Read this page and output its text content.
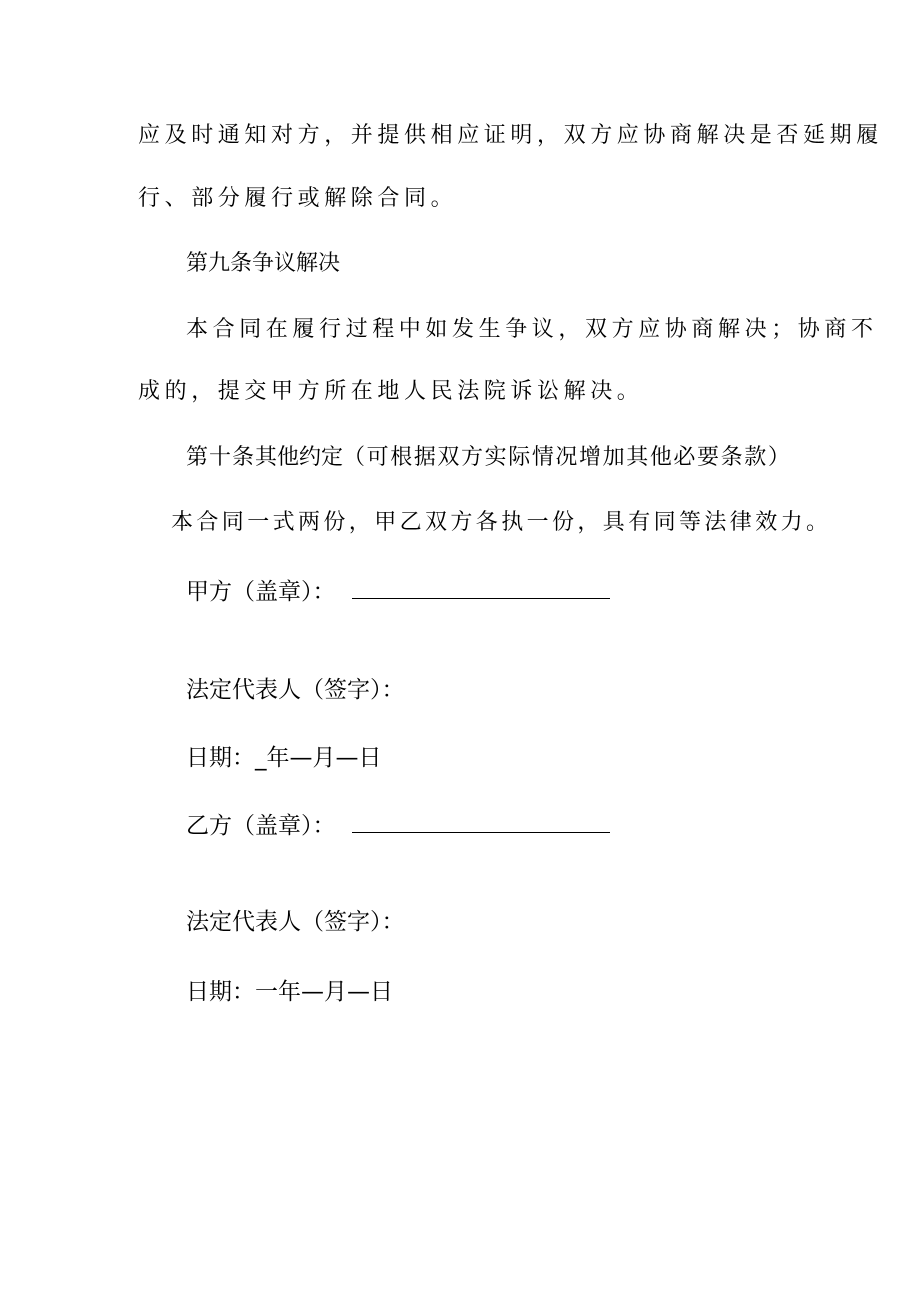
应及时通知对方，并提供相应证明，双方应协商解决是否延期履
行、部分履行或解除合同。
第九条争议解决
本合同在履行过程中如发生争议，双方应协商解决；协商不
成的，提交甲方所在地人民法院诉讼解决。
第十条其他约定（可根据双方实际情况增加其他必要条款）
本合同一式两份，甲乙双方各执一份，具有同等法律效力。
甲方（盖章）：
法定代表人（签字）：
日期：_年—月—日
乙方（盖章）：
法定代表人（签字）：
日期：一年—月—日
